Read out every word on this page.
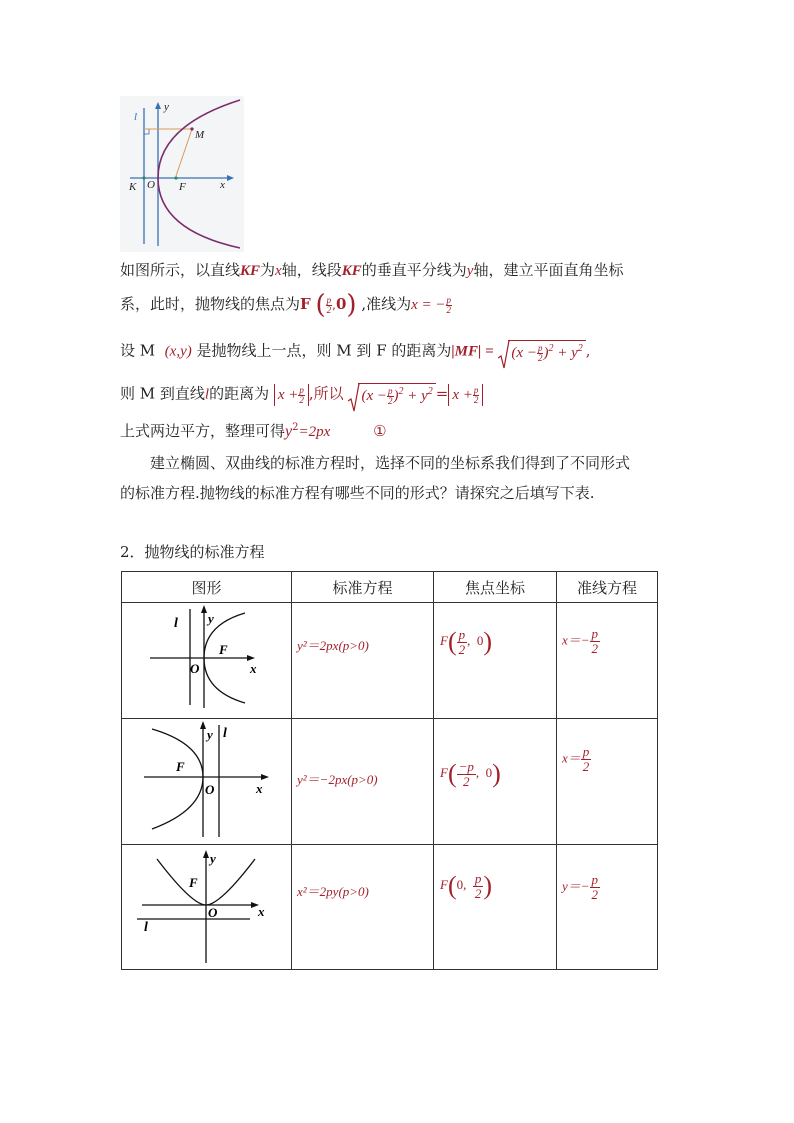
l
y
M
K O F	x
如图所示，以直线KF为x轴，线段KF的垂直平分线为y轴，建立平面直角坐标
系，此时，抛物线的焦点为F ( $\frac{p}{2} ,0$) ,准线为x = − $\frac{p}{2}$
设 M (x,y) 是抛物线上一点，则 M 到 F 的距离为$|MF| = (x - \frac{p}{2} )^2 + y^2$ ,
则 M 到直线l的距离为 $x + \frac{p}{2}$ ,所以 $(x - \frac{p}{2} )^2 + y^2 = x + \frac{p}{2}$
上式两边平方，整理可得$y^2=2px$	①
建立椭圆、双曲线的标准方程时，选择不同的坐标系我们得到了不同形式
的标准方程.抛物线的标准方程有哪些不同的形式？请探究之后填写下表.
2．抛物线的标准方程
图形	标准方程	焦点坐标	准线方程

l y
F
O x	y²＝2px(p>0)	$F( \frac{p}{2}$ ,  0)	$x=- \frac{p}{2}$

y l
F
O x	y²＝−2px(p>0)	$F( \frac{-p}{2}$ ,  0)	$x= \frac{p}{2}$

y
F
O x
l	x²＝2py(p>0)	F(0, $\frac{p}{2}$ )	$y=- \frac{p}{2}$
